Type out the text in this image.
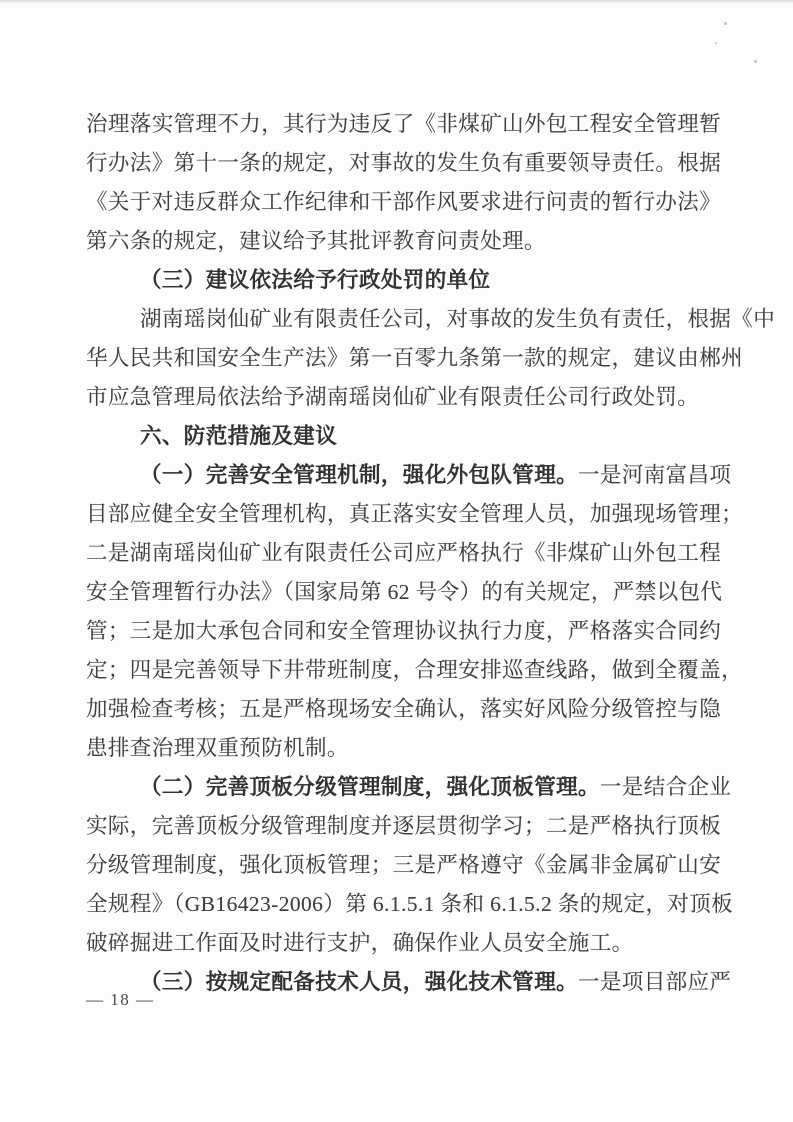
治理落实管理不力，其行为违反了《非煤矿山外包工程安全管理暂
行办法》第十一条的规定，对事故的发生负有重要领导责任。根据
《关于对违反群众工作纪律和干部作风要求进行问责的暂行办法》
第六条的规定，建议给予其批评教育问责处理。
（三）建议依法给予行政处罚的单位
湖南瑶岗仙矿业有限责任公司，对事故的发生负有责任，根据《中
华人民共和国安全生产法》第一百零九条第一款的规定，建议由郴州
市应急管理局依法给予湖南瑶岗仙矿业有限责任公司行政处罚。
六、防范措施及建议
（一）完善安全管理机制，强化外包队管理。一是河南富昌项
目部应健全安全管理机构，真正落实安全管理人员，加强现场管理；
二是湖南瑶岗仙矿业有限责任公司应严格执行《非煤矿山外包工程
安全管理暂行办法》（国家局第 62 号令）的有关规定，严禁以包代
管；三是加大承包合同和安全管理协议执行力度，严格落实合同约
定；四是完善领导下井带班制度，合理安排巡查线路，做到全覆盖，
加强检查考核；五是严格现场安全确认，落实好风险分级管控与隐
患排查治理双重预防机制。
（二）完善顶板分级管理制度，强化顶板管理。一是结合企业
实际，完善顶板分级管理制度并逐层贯彻学习；二是严格执行顶板
分级管理制度，强化顶板管理；三是严格遵守《金属非金属矿山安
全规程》（GB16423-2006）第 6.1.5.1 条和 6.1.5.2 条的规定，对顶板
破碎掘进工作面及时进行支护，确保作业人员安全施工。
（三）按规定配备技术人员，强化技术管理。一是项目部应严
— 18 —
